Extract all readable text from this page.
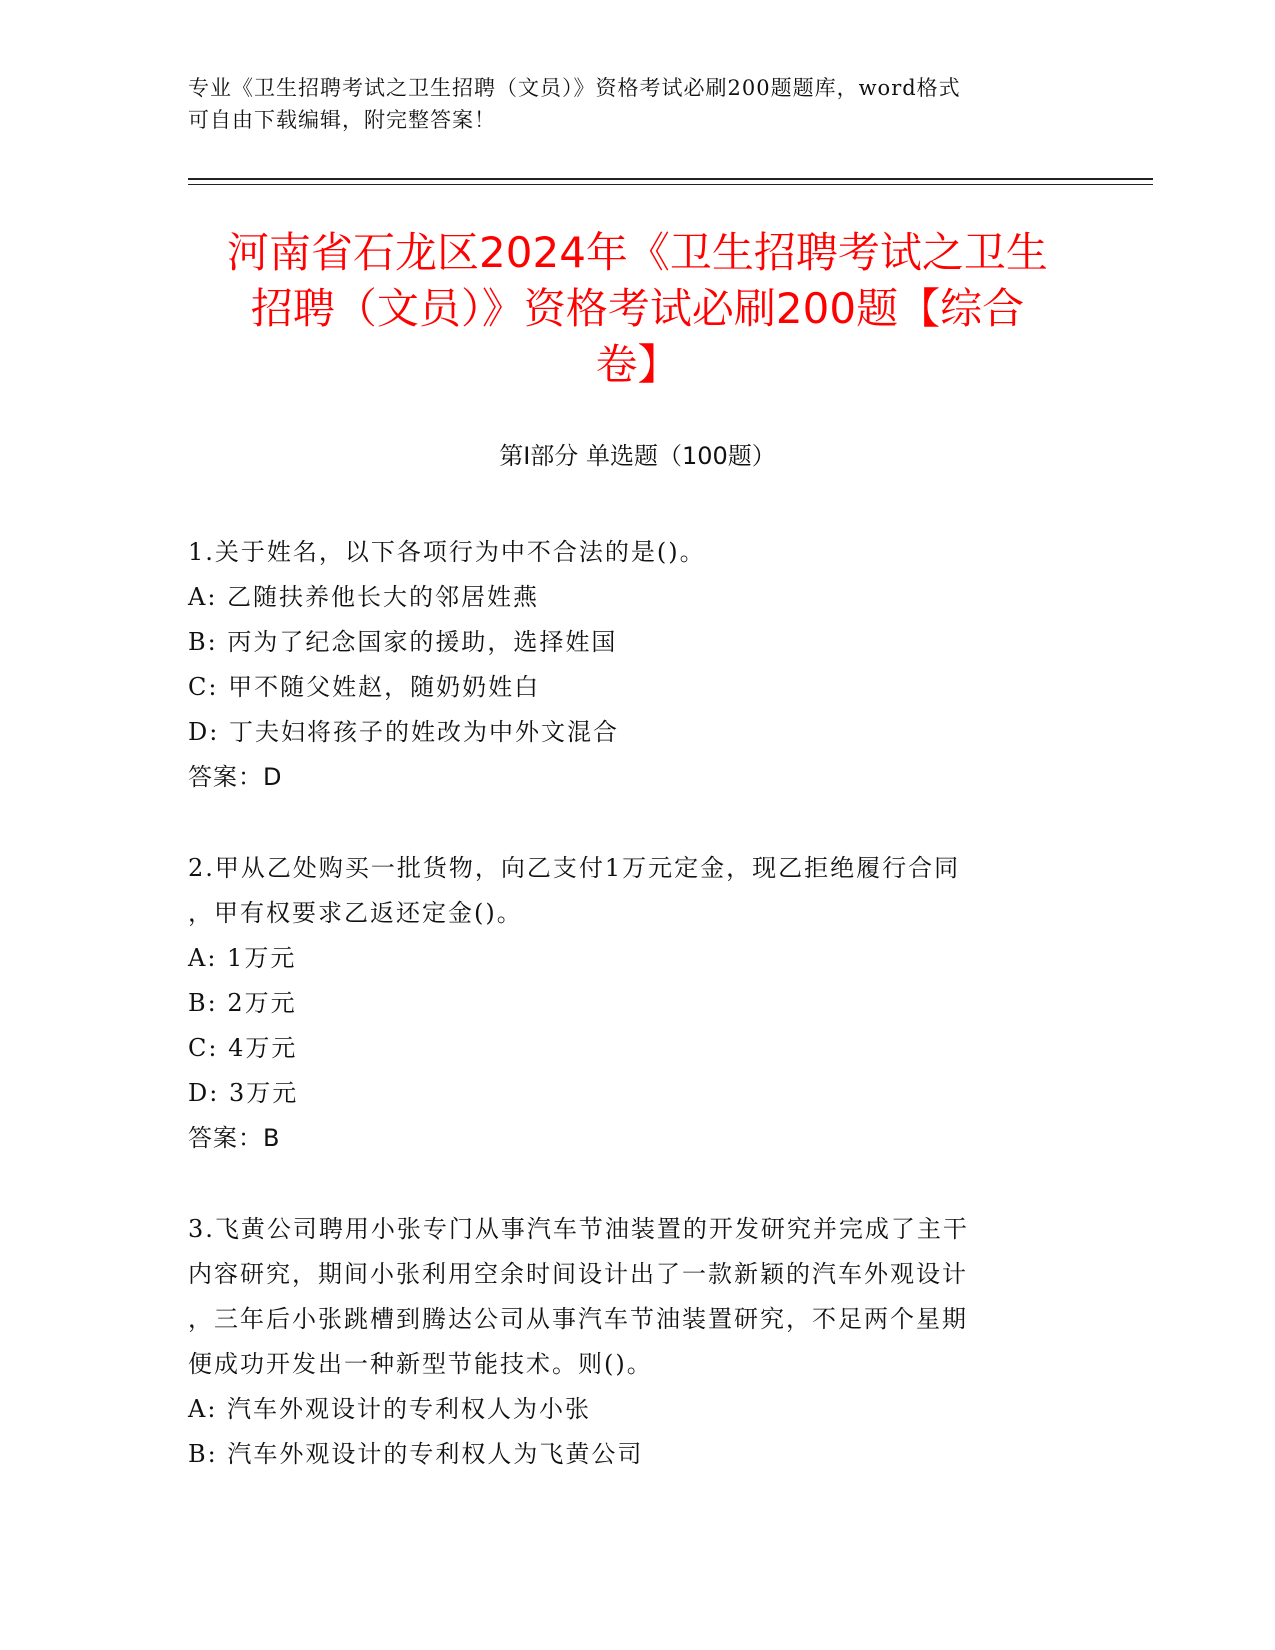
专业《卫生招聘考试之卫生招聘（文员）》资格考试必刷200题题库，word格式
可自由下载编辑，附完整答案！
河南省石龙区2024年《卫生招聘考试之卫生
招聘（文员）》资格考试必刷200题【综合
卷】
第Ⅰ部分 单选题（100题）
1.关于姓名，以下各项行为中不合法的是()。
A: 乙随扶养他长大的邻居姓燕
B: 丙为了纪念国家的援助，选择姓国
C: 甲不随父姓赵，随奶奶姓白
D: 丁夫妇将孩子的姓改为中外文混合
答案：D
2.甲从乙处购买一批货物，向乙支付1万元定金，现乙拒绝履行合同
，甲有权要求乙返还定金()。
A: 1万元
B: 2万元
C: 4万元
D: 3万元
答案：B
3.飞黄公司聘用小张专门从事汽车节油装置的开发研究并完成了主干
内容研究，期间小张利用空余时间设计出了一款新颖的汽车外观设计
，三年后小张跳槽到腾达公司从事汽车节油装置研究，不足两个星期
便成功开发出一种新型节能技术。则()。
A: 汽车外观设计的专利权人为小张
B: 汽车外观设计的专利权人为飞黄公司
